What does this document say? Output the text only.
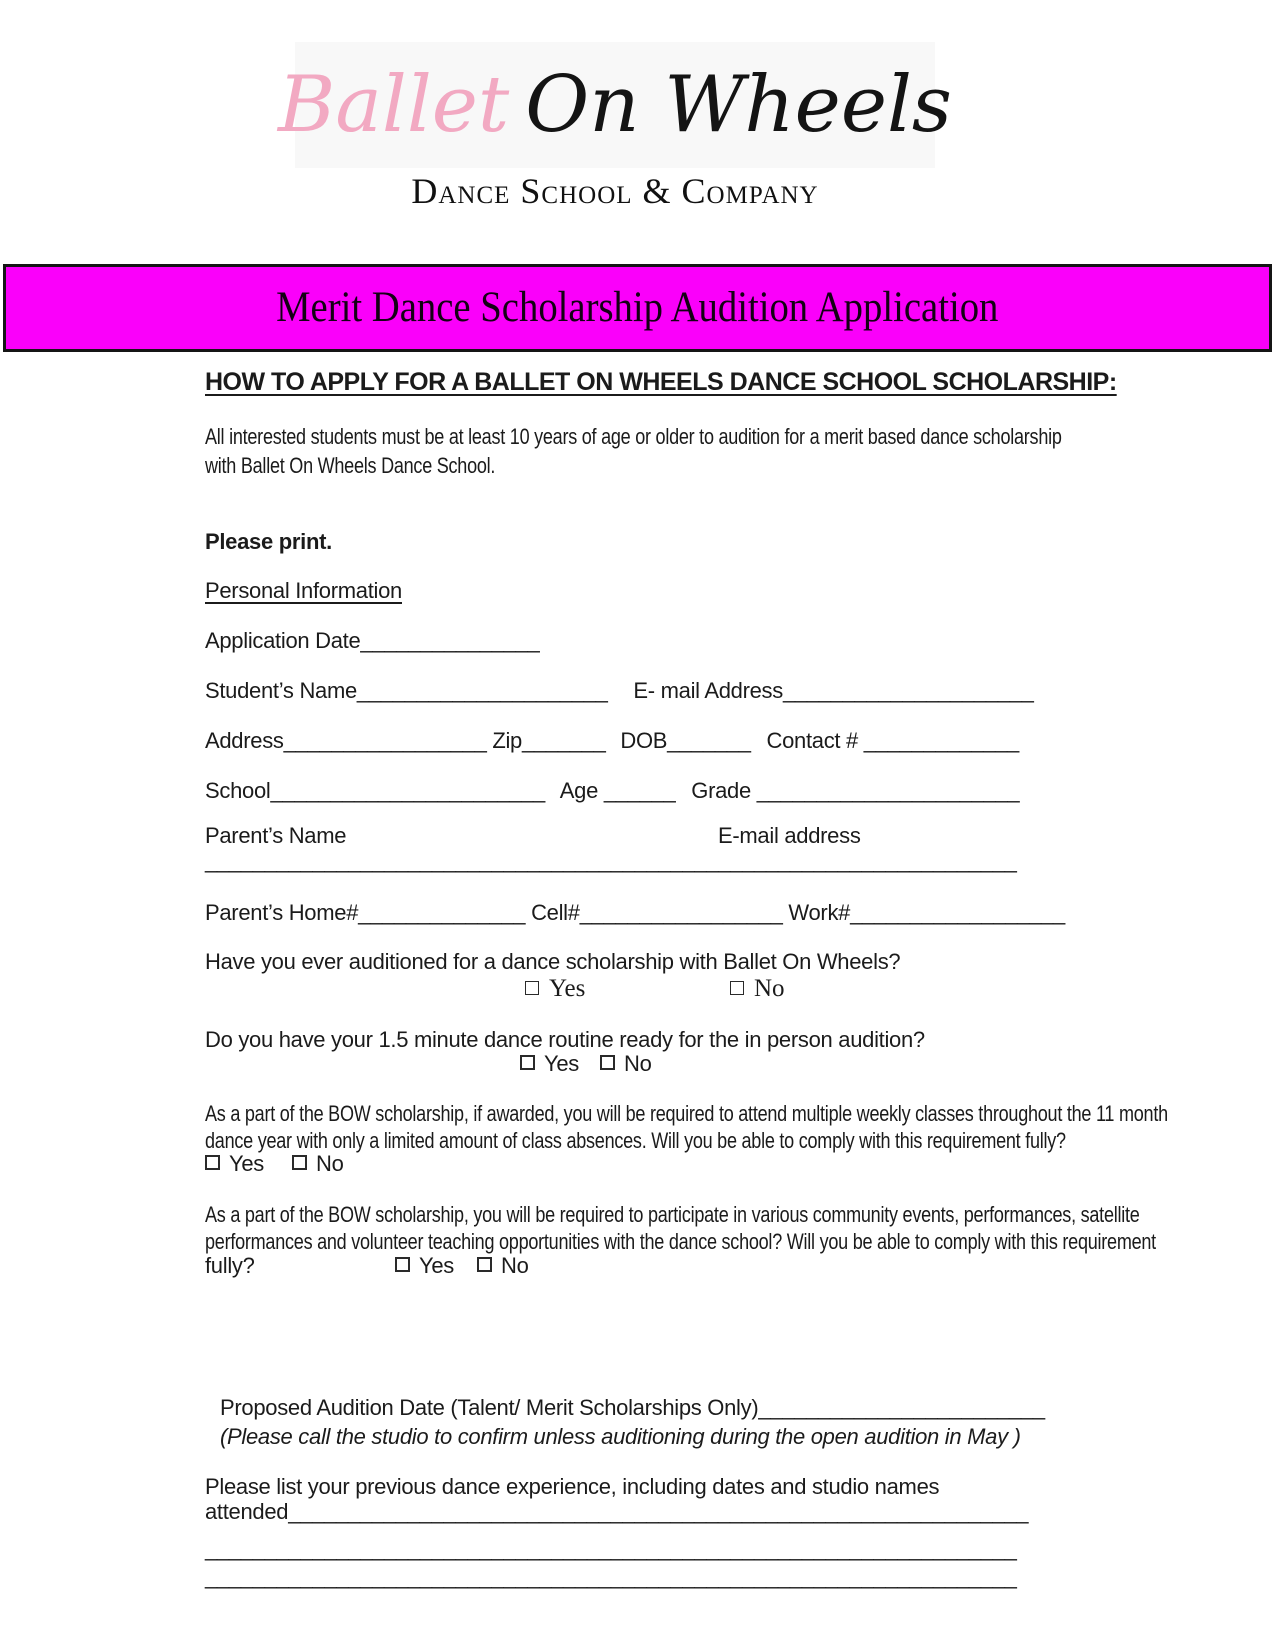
Ballet On Wheels
Dance School & Company
Merit Dance Scholarship Audition Application
HOW TO APPLY FOR A BALLET ON WHEELS DANCE SCHOOL SCHOLARSHIP:
All interested students must be at least 10 years of age or older to audition for a merit based dance scholarship
with Ballet On Wheels Dance School.
Please print.
Personal Information
Application Date_______________
Student’s Name_____________________ E- mail Address_____________________
Address_________________ Zip_______ DOB_______ Contact # _____________
School_______________________ Age ______ Grade ______________________
Parent’s Name	E-mail address
____________________________________________________________________
Parent’s Home#______________ Cell#_________________ Work#__________________
Have you ever auditioned for a dance scholarship with Ballet On Wheels?
Yes	No
Do you have your 1.5 minute dance routine ready for the in person audition?
Yes	No
As a part of the BOW scholarship, if awarded, you will be required to attend multiple weekly classes throughout the 11 month
dance year with only a limited amount of class absences. Will you be able to comply with this requirement fully?
Yes	No
As a part of the BOW scholarship, you will be required to participate in various community events, performances, satellite
performances and volunteer teaching opportunities with the dance school? Will you be able to comply with this requirement
fully?	Yes	No
Proposed Audition Date (Talent/ Merit Scholarships Only)________________________
(Please call the studio to confirm unless auditioning during the open audition in May )
Please list your previous dance experience, including dates and studio names
attended______________________________________________________________
____________________________________________________________________
____________________________________________________________________
